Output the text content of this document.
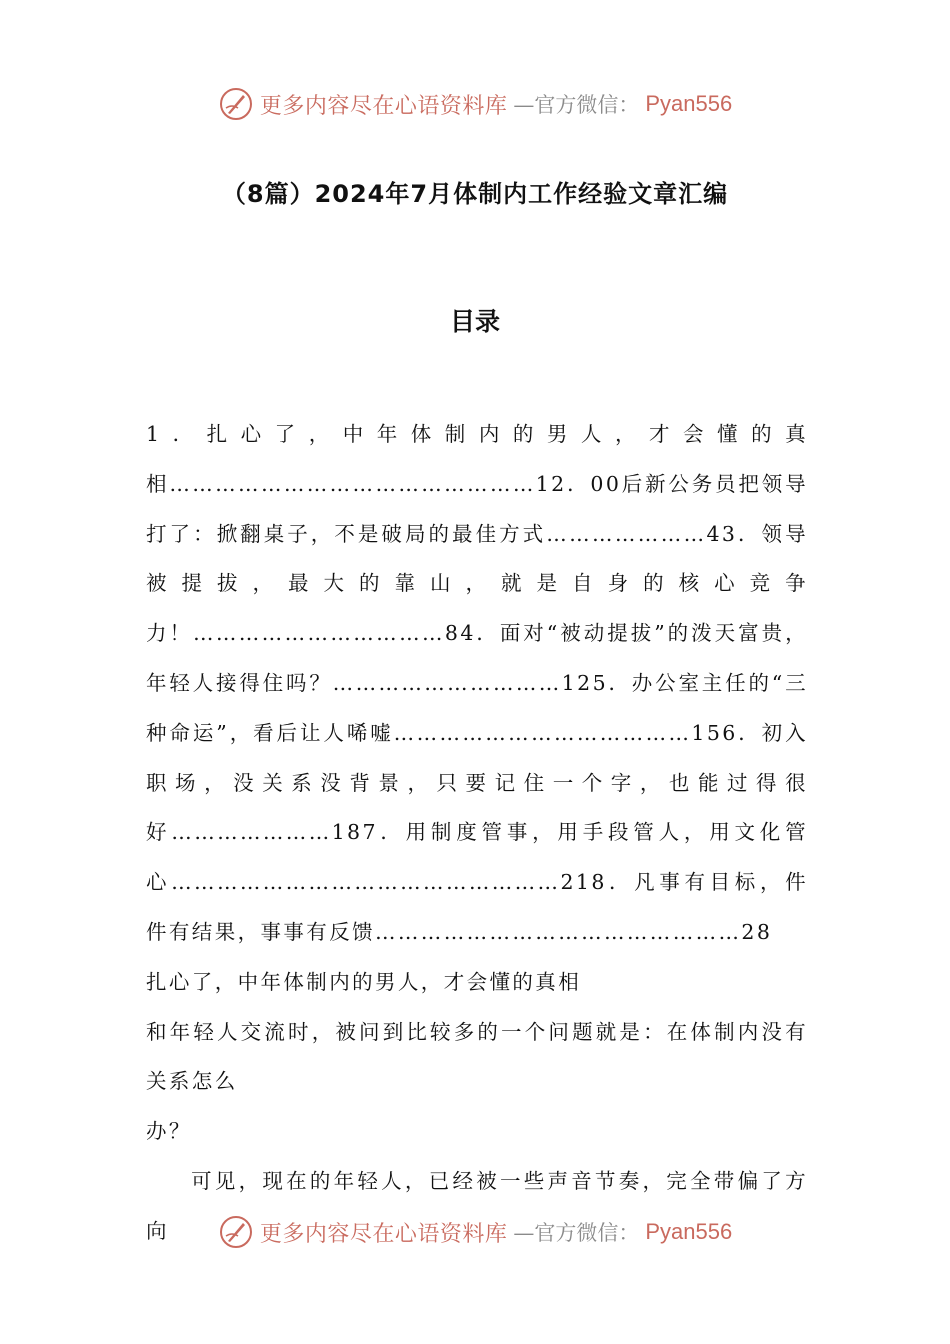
更多内容尽在心语资料库 —官方微信： Pyan556
（8篇）2024年7月体制内工作经验文章汇编
目录

1．扎心了，中年体制内的男人，才会懂的真相…………………………………………12．00后新公务员把领导打了：掀翻桌子，不是破局的最佳方式…………………43．领导被提拔，最大的靠山，就是自身的核心竞争力！……………………………84．面对“被动提拔”的泼天富贵，年轻人接得住吗？…………………………125．办公室主任的“三种命运”，看后让人唏嘘…………………………………156．初入职场，没关系没背景，只要记住一个字，也能过得很好…………………187．用制度管事，用手段管人，用文化管心……………………………………………218．凡事有目标，件件有结果，事事有反馈…………………………………………28

扎心了，中年体制内的男人，才会懂的真相

和年轻人交流时，被问到比较多的一个问题就是：在体制内没有关系怎么

办？

可见，现在的年轻人，已经被一些声音节奏，完全带偏了方向	更多内容尽在心语资料库 —官方微信： Pyan556
